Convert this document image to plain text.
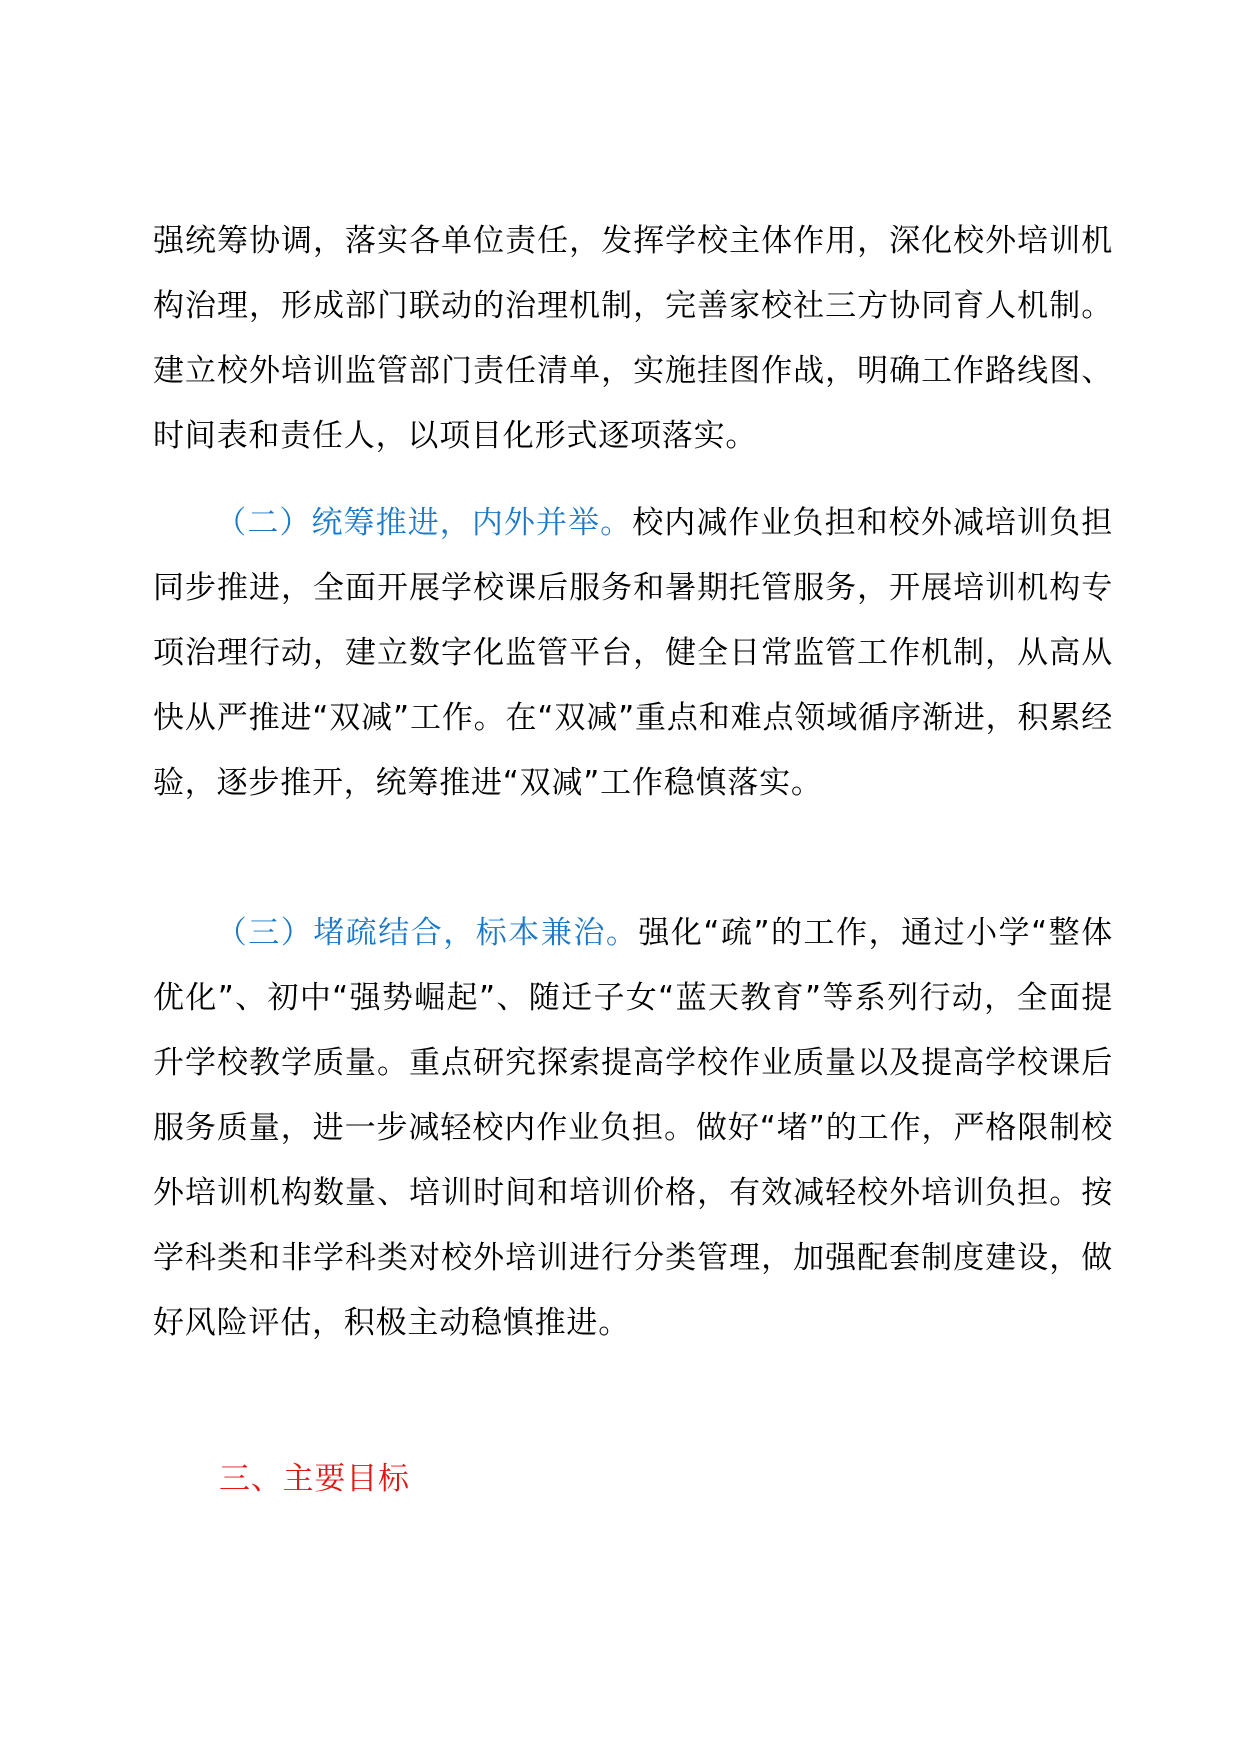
强统筹协调，落实各单位责任，发挥学校主体作用，深化校外培训机构治理，形成部门联动的治理机制，完善家校社三方协同育人机制。建立校外培训监管部门责任清单，实施挂图作战，明确工作路线图、时间表和责任人，以项目化形式逐项落实。

（二）统筹推进，内外并举。校内减作业负担和校外减培训负担同步推进，全面开展学校课后服务和暑期托管服务，开展培训机构专项治理行动，建立数字化监管平台，健全日常监管工作机制，从高从快从严推进“双减”工作。在“双减”重点和难点领域循序渐进，积累经验，逐步推开，统筹推进“双减”工作稳慎落实。

（三）堵疏结合，标本兼治。强化“疏”的工作，通过小学“整体优化”、初中“强势崛起”、随迁子女“蓝天教育”等系列行动，全面提升学校教学质量。重点研究探索提高学校作业质量以及提高学校课后服务质量，进一步减轻校内作业负担。做好“堵”的工作，严格限制校外培训机构数量、培训时间和培训价格，有效减轻校外培训负担。按学科类和非学科类对校外培训进行分类管理，加强配套制度建设，做好风险评估，积极主动稳慎推进。

三、主要目标
